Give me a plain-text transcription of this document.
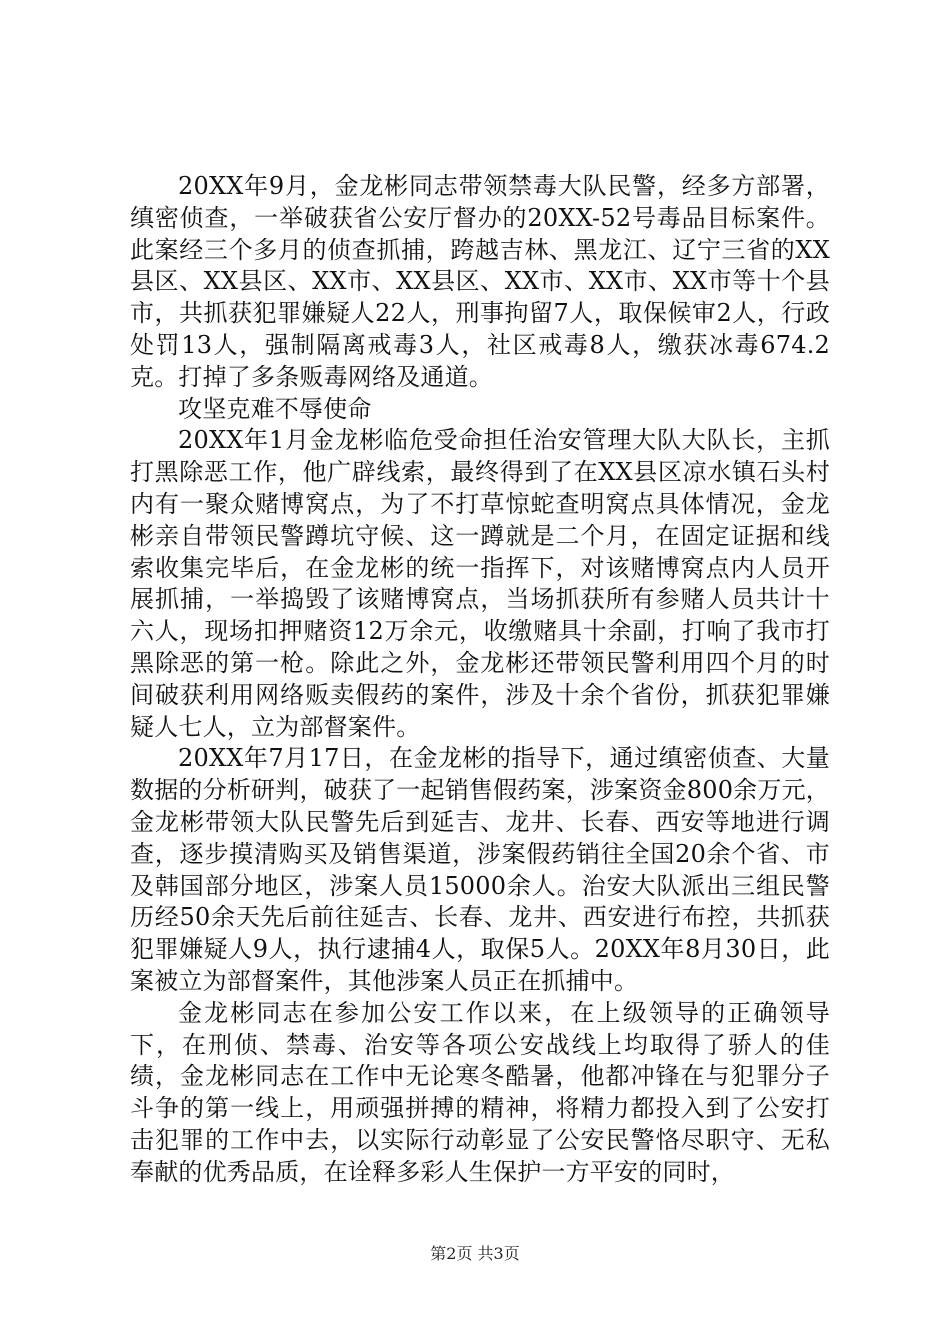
20XX年9月，金龙彬同志带领禁毒大队民警，经多方部署，缜密侦查，一举破获省公安厅督办的20XX-52号毒品目标案件。此案经三个多月的侦查抓捕，跨越吉林、黑龙江、辽宁三省的XX县区、XX县区、XX市、XX县区、XX市、XX市、XX市等十个县市，共抓获犯罪嫌疑人22人，刑事拘留7人，取保候审2人，行政处罚13人，强制隔离戒毒3人，社区戒毒8人，缴获冰毒674.2克。打掉了多条贩毒网络及通道。

攻坚克难不辱使命

20XX年1月金龙彬临危受命担任治安管理大队大队长，主抓打黑除恶工作，他广辟线索，最终得到了在XX县区凉水镇石头村内有一聚众赌博窝点，为了不打草惊蛇查明窝点具体情况，金龙彬亲自带领民警蹲坑守候、这一蹲就是二个月，在固定证据和线索收集完毕后，在金龙彬的统一指挥下，对该赌博窝点内人员开展抓捕，一举捣毁了该赌博窝点，当场抓获所有参赌人员共计十六人，现场扣押赌资12万余元，收缴赌具十余副，打响了我市打黑除恶的第一枪。除此之外，金龙彬还带领民警利用四个月的时间破获利用网络贩卖假药的案件，涉及十余个省份，抓获犯罪嫌疑人七人，立为部督案件。

20XX年7月17日，在金龙彬的指导下，通过缜密侦查、大量数据的分析研判，破获了一起销售假药案，涉案资金800余万元，金龙彬带领大队民警先后到延吉、龙井、长春、西安等地进行调查，逐步摸清购买及销售渠道，涉案假药销往全国20余个省、市及韩国部分地区，涉案人员15000余人。治安大队派出三组民警历经50余天先后前往延吉、长春、龙井、西安进行布控，共抓获犯罪嫌疑人9人，执行逮捕4人，取保5人。20XX年8月30日，此案被立为部督案件，其他涉案人员正在抓捕中。

金龙彬同志在参加公安工作以来，在上级领导的正确领导下，在刑侦、禁毒、治安等各项公安战线上均取得了骄人的佳绩，金龙彬同志在工作中无论寒冬酷暑，他都冲锋在与犯罪分子斗争的第一线上，用顽强拼搏的精神，将精力都投入到了公安打击犯罪的工作中去，以实际行动彰显了公安民警恪尽职守、无私奉献的优秀品质，在诠释多彩人生保护一方平安的同时，

第2页 共3页
